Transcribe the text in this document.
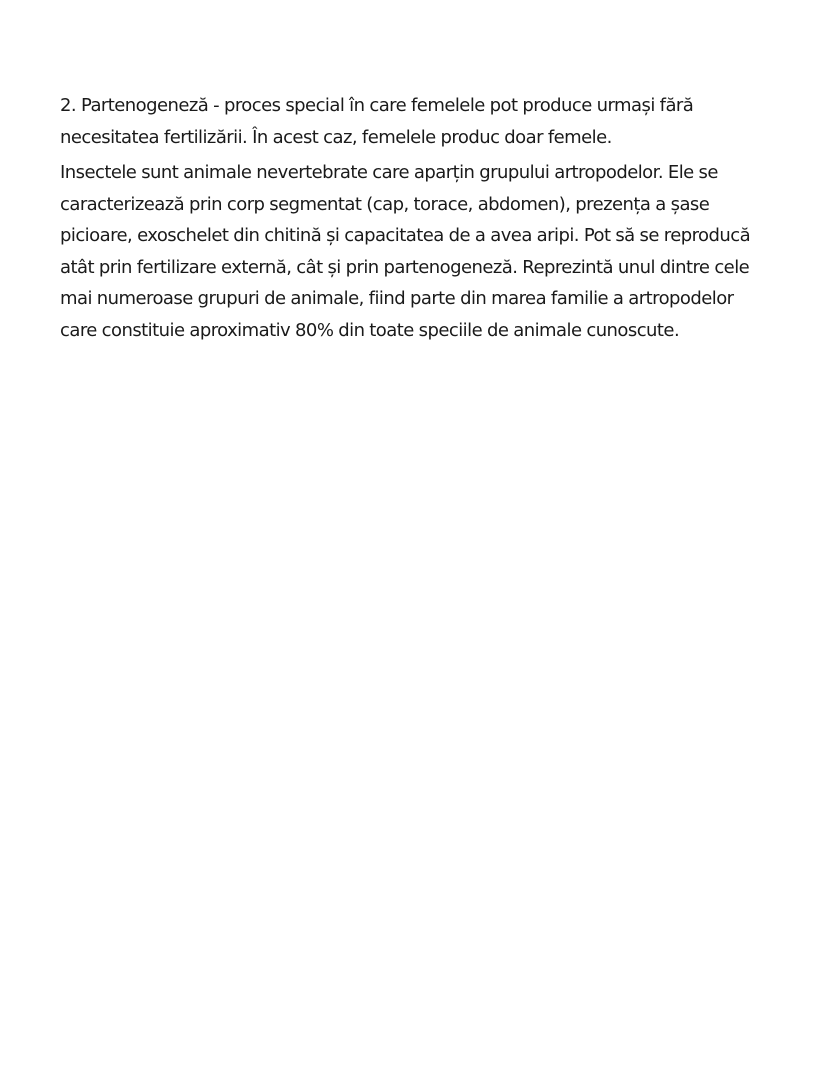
2. Partenogeneză - proces special în care femelele pot produce urmași fără necesitatea fertilizării. În acest caz, femelele produc doar femele.

Insectele sunt animale nevertebrate care aparțin grupului artropodelor. Ele se caracterizează prin corp segmentat (cap, torace, abdomen), prezența a șase picioare, exoschelet din chitină și capacitatea de a avea aripi. Pot să se reproducă atât prin fertilizare externă, cât și prin partenogeneză. Reprezintă unul dintre cele mai numeroase grupuri de animale, fiind parte din marea familie a artropodelor care constituie aproximativ 80% din toate speciile de animale cunoscute.
